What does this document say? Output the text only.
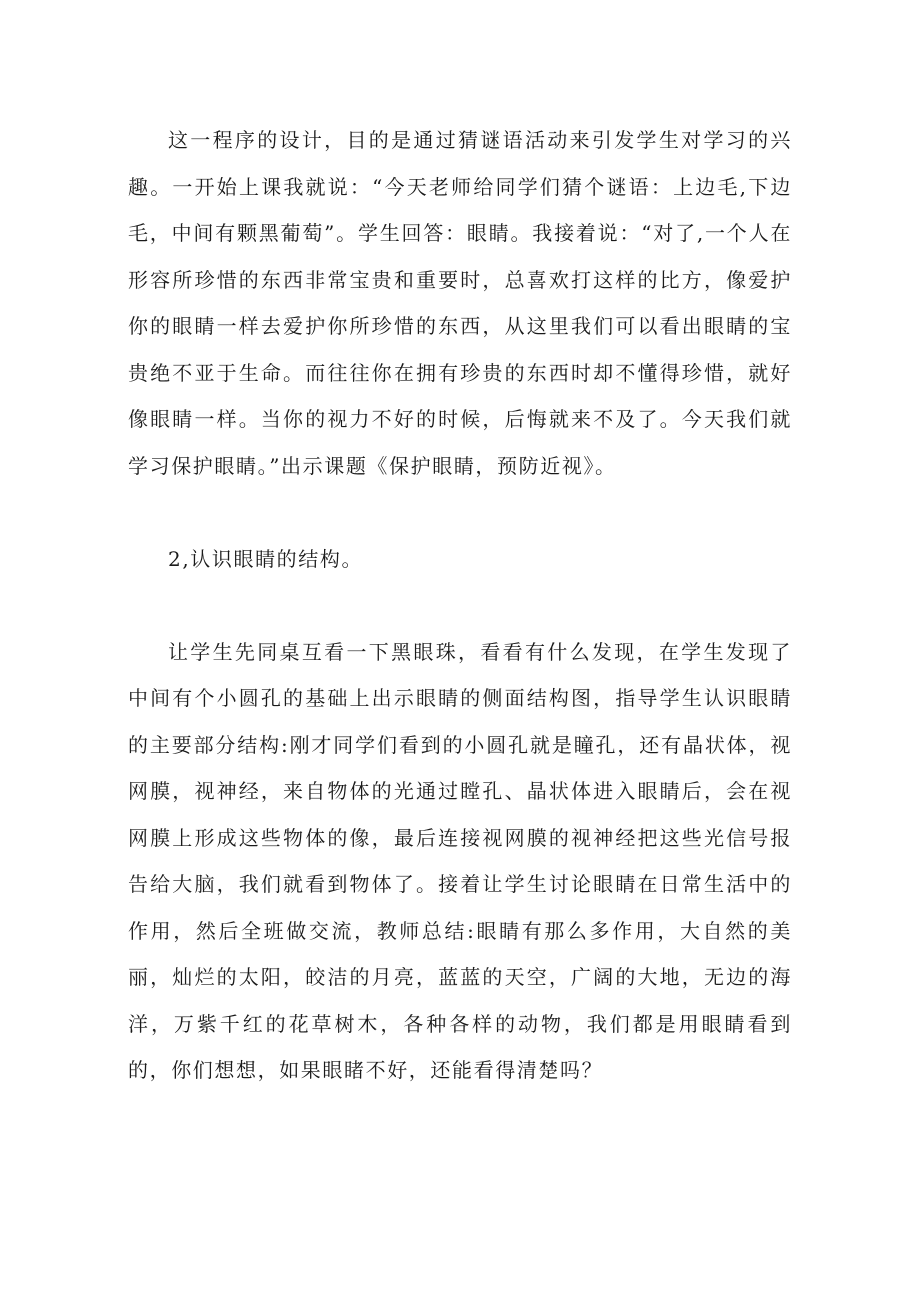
这一程序的设计，目的是通过猜谜语活动来引发学生对学习的兴趣。一开始上课我就说：“今天老师给同学们猜个谜语：上边毛,下边毛，中间有颗黑葡萄”。学生回答：眼睛。我接着说：“对了,一个人在形容所珍惜的东西非常宝贵和重要时，总喜欢打这样的比方，像爱护你的眼睛一样去爱护你所珍惜的东西，从这里我们可以看出眼睛的宝贵绝不亚于生命。而往往你在拥有珍贵的东西时却不懂得珍惜，就好像眼睛一样。当你的视力不好的时候，后悔就来不及了。今天我们就学习保护眼睛。”出示课题《保护眼睛，预防近视》。

2,认识眼睛的结构。

让学生先同桌互看一下黑眼珠，看看有什么发现，在学生发现了中间有个小圆孔的基础上出示眼睛的侧面结构图，指导学生认识眼睛的主要部分结构:刚才同学们看到的小圆孔就是瞳孔，还有晶状体，视网膜，视神经，来自物体的光通过瞠孔、晶状体进入眼睛后，会在视网膜上形成这些物体的像，最后连接视网膜的视神经把这些光信号报告给大脑，我们就看到物体了。接着让学生讨论眼睛在日常生活中的作用，然后全班做交流，教师总结:眼睛有那么多作用，大自然的美丽，灿烂的太阳，皎洁的月亮，蓝蓝的天空，广阔的大地，无边的海洋，万紫千红的花草树木，各种各样的动物，我们都是用眼睛看到的，你们想想，如果眼睹不好，还能看得清楚吗？
